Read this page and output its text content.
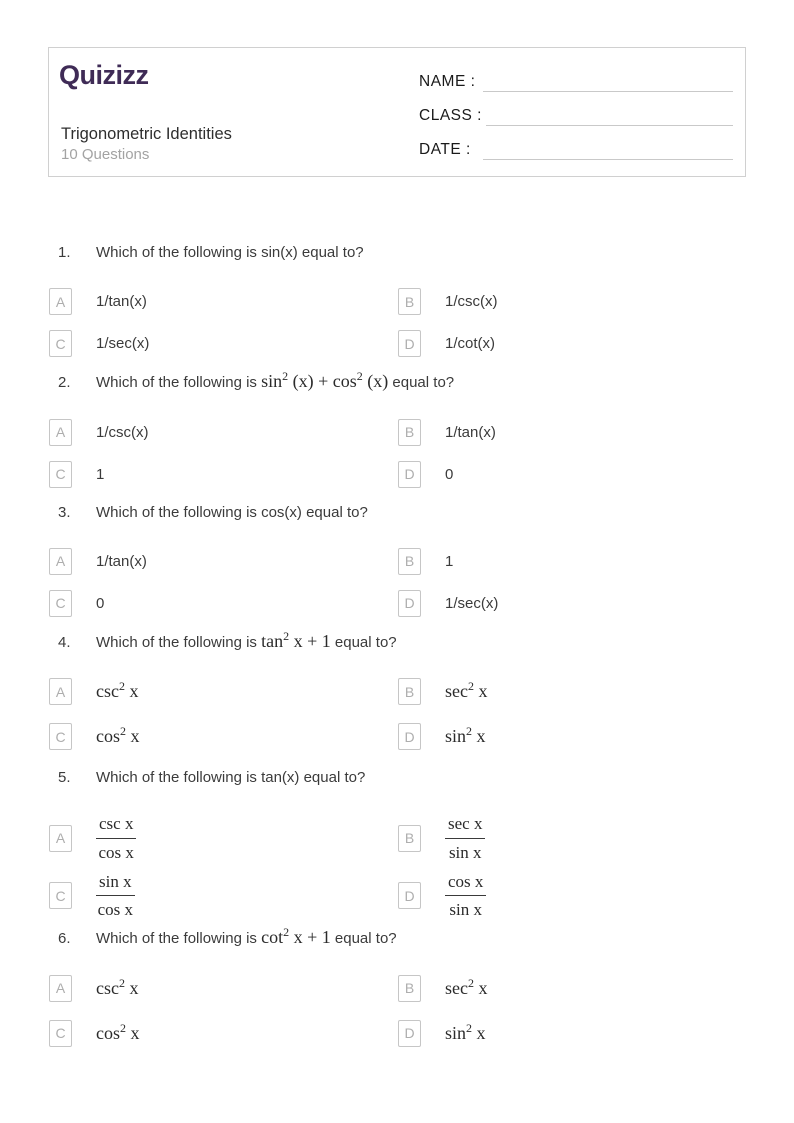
Quizizz
Trigonometric Identities
10 Questions
NAME :
CLASS :
DATE :
1.	Which of the following is sin(x) equal to?
A	1/tan(x)	B	1/csc(x)
C	1/sec(x)	D	1/cot(x)
2.	Which of the following is $\sin^2 (x) + \cos^2 (x)$ equal to?
A	1/csc(x)	B	1/tan(x)
C	1	D	0
3.	Which of the following is cos(x) equal to?
A	1/tan(x)	B	1
C	0	D	1/sec(x)
4.	Which of the following is $\tan^2 x + 1$ equal to?
A	$\csc^2 x$	B	$\sec^2 x$
C	$\cos^2 x$	D	$\sin^2 x$
5.	Which of the following is tan(x) equal to?
A	$\frac{\text{csc x}}{\text{cos x}}$	B	$\frac{\text{sec x}}{\text{sin x}}$
C	$\frac{\text{sin x}}{\text{cos x}}$	D	$\frac{\text{cos x}}{\text{sin x}}$
6.	Which of the following is $\cot^2 x + 1$ equal to?
A	$\csc^2 x$	B	$\sec^2 x$
C	$\cos^2 x$	D	$\sin^2 x$
